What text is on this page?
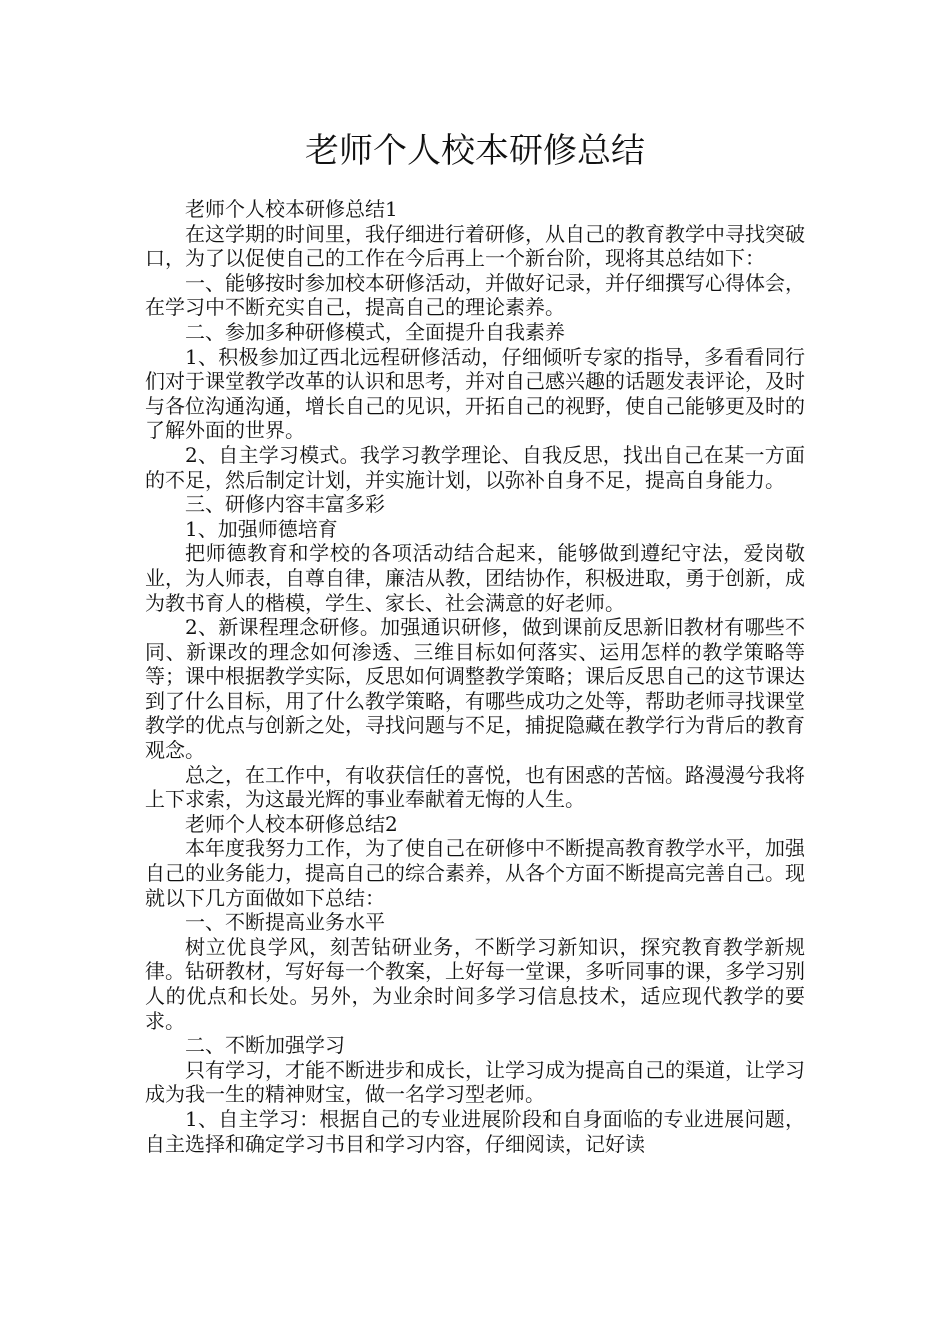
老师个人校本研修总结

老师个人校本研修总结1

在这学期的时间里，我仔细进行着研修，从自己的教育教学中寻找突破口，为了以促使自己的工作在今后再上一个新台阶，现将其总结如下：

一、能够按时参加校本研修活动，并做好记录，并仔细撰写心得体会，在学习中不断充实自己，提高自己的理论素养。

二、参加多种研修模式，全面提升自我素养

1、积极参加辽西北远程研修活动，仔细倾听专家的指导，多看看同行们对于课堂教学改革的认识和思考，并对自己感兴趣的话题发表评论，及时与各位沟通沟通，增长自己的见识，开拓自己的视野，使自己能够更及时的了解外面的世界。

2、自主学习模式。我学习教学理论、自我反思，找出自己在某一方面的不足，然后制定计划，并实施计划，以弥补自身不足，提高自身能力。

三、研修内容丰富多彩

1、加强师德培育

把师德教育和学校的各项活动结合起来，能够做到遵纪守法，爱岗敬业，为人师表，自尊自律，廉洁从教，团结协作，积极进取，勇于创新，成为教书育人的楷模，学生、家长、社会满意的好老师。

2、新课程理念研修。加强通识研修，做到课前反思新旧教材有哪些不同、新课改的理念如何渗透、三维目标如何落实、运用怎样的教学策略等等；课中根据教学实际，反思如何调整教学策略；课后反思自己的这节课达到了什么目标，用了什么教学策略，有哪些成功之处等，帮助老师寻找课堂教学的优点与创新之处，寻找问题与不足，捕捉隐藏在教学行为背后的教育观念。

总之，在工作中，有收获信任的喜悦，也有困惑的苦恼。路漫漫兮我将上下求索，为这最光辉的事业奉献着无悔的人生。

老师个人校本研修总结2

本年度我努力工作，为了使自己在研修中不断提高教育教学水平，加强自己的业务能力，提高自己的综合素养，从各个方面不断提高完善自己。现就以下几方面做如下总结：

一、不断提高业务水平

树立优良学风，刻苦钻研业务，不断学习新知识，探究教育教学新规律。钻研教材，写好每一个教案，上好每一堂课，多听同事的课，多学习别人的优点和长处。另外，为业余时间多学习信息技术，适应现代教学的要求。

二、不断加强学习

只有学习，才能不断进步和成长，让学习成为提高自己的渠道，让学习成为我一生的精神财宝，做一名学习型老师。

1、自主学习：根据自己的专业进展阶段和自身面临的专业进展问题，自主选择和确定学习书目和学习内容，仔细阅读，记好读
